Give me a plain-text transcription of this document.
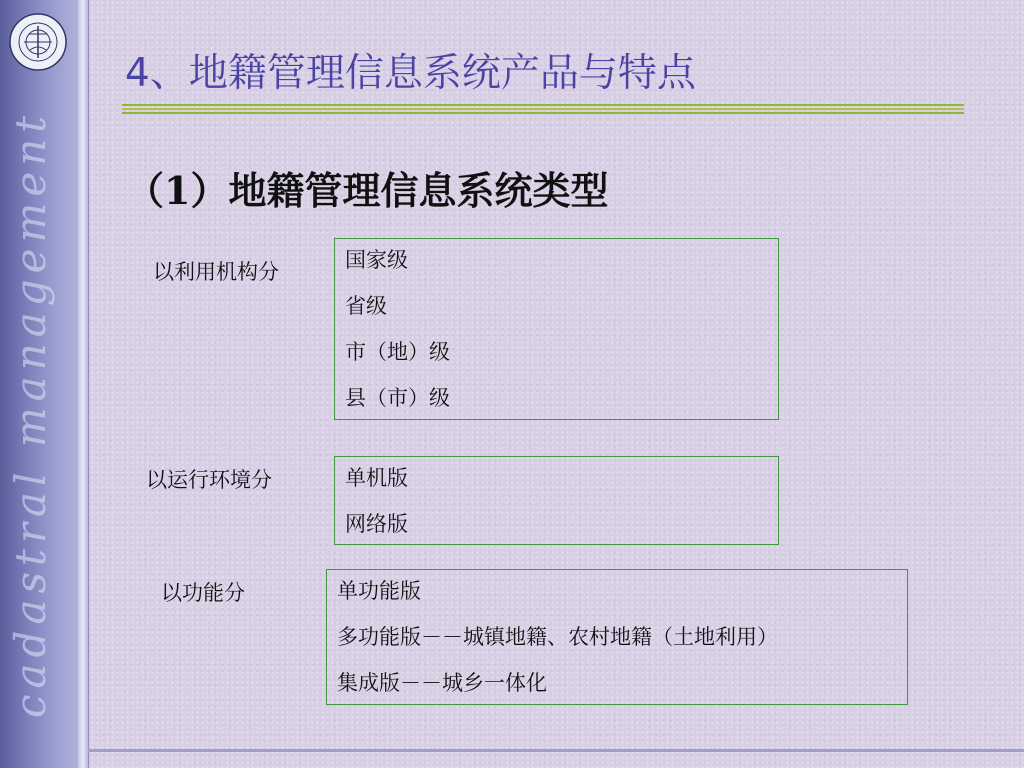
cadastral management
4、地籍管理信息系统产品与特点
（1）地籍管理信息系统类型
以利用机构分	国家级
省级
市（地）级
县（市）级
以运行环境分	单机版
网络版
以功能分	单功能版
多功能版－－城镇地籍、农村地籍（土地利用）
集成版－－城乡一体化
